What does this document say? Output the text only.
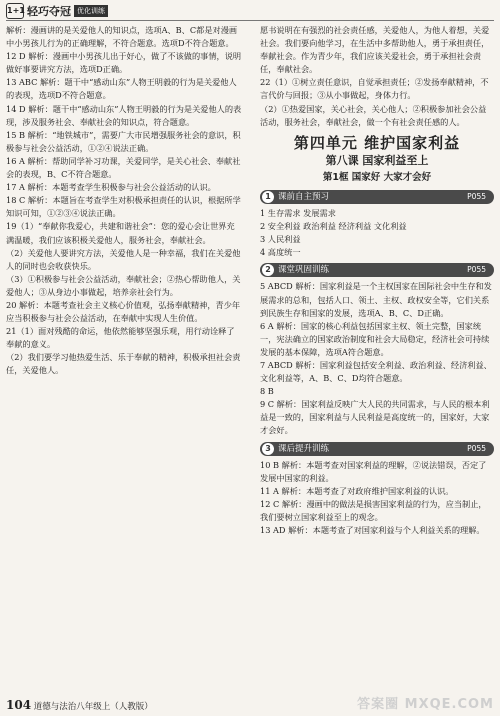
1+1 轻巧夺冠 优化训练

解析：漫画讲的是关爱他人的知识点，选项A、B、C都是对漫画中小男孩儿行为的正确理解，不符合题意。选项D不符合题意。

12 D 解析：漫画中小男孩儿出于好心，做了不该做的事情，说明做好事要讲究方法，选项D正确。

13 ABC 解析：题干中“感动山东”人物王明毅的行为是关爱他人的表现，选项D不符合题意。

14 D 解析：题干中“感动山东”人物王明毅的行为是关爱他人的表现，涉及服务社会、奉献社会的知识点，符合题意。

15 B 解析：“地铁城市”，需要广大市民增强服务社会的意识，积极参与社会公益活动，①②④说法正确。

16 A 解析：帮助同学补习功课，关爱同学，是关心社会、奉献社会的表现，B、C不符合题意。

17 A 解析：本题考查学生积极参与社会公益活动的认识。

18 C 解析：本题旨在考查学生对积极承担责任的认识，根据所学知识可知，①②③④说法正确。

19（1）“奉献你我爱心，共建和谐社会”：您的爱心会让世界充满温暖，我们应该积极关爱他人，服务社会，奉献社会。

（2）关爱他人要讲究方法，关爱他人是一种幸福，我们在关爱他人的同时也会收获快乐。

（3）①积极参与社会公益活动，奉献社会；②热心帮助他人，关爱他人；③从身边小事做起，培养亲社会行为。

20 解析：本题考查社会主义核心价值观，弘扬奉献精神，青少年应当积极参与社会公益活动，在奉献中实现人生价值。

21（1）面对残酷的命运，他依然能够坚强乐观，用行动诠释了奉献的意义。

（2）我们要学习他热爱生活、乐于奉献的精神，积极承担社会责任，关爱他人。

愿书说明在有强烈的社会责任感，关爱他人，为他人着想，关爱社会。我们要向他学习，在生活中多帮助他人，勇于承担责任，奉献社会。作为青少年，我们应该关爱社会，勇于承担社会责任，奉献社会。

22（1）①树立责任意识，自觉承担责任；②发扬奉献精神，不言代价与回报；③从小事做起，身体力行。

（2）①热爱国家，关心社会，关心他人；②积极参加社会公益活动，服务社会，奉献社会，做一个有社会责任感的人。

第四单元 维护国家利益
第八课 国家利益至上
第1框 国家好 大家才会好
1 课前自主预习	P055

1 生存需求 发展需求

2 安全利益 政治利益 经济利益 文化利益

3 人民利益

4 高度统一

2 课堂巩固训练	P055

5 ABCD 解析：国家利益是一个主权国家在国际社会中生存和发展需求的总和，包括人口、领土、主权、政权安全等，它们关系到民族生存和国家的发展，选项A、B、C、D正确。

6 A 解析：国家的核心利益包括国家主权、领土完整，国家统一，宪法确立的国家政治制度和社会大局稳定，经济社会可持续发展的基本保障，选项A符合题意。

7 ABCD 解析：国家利益包括安全利益、政治利益、经济利益、文化利益等，A、B、C、D均符合题意。

8 B

9 C 解析：国家利益反映广大人民的共同需求，与人民的根本利益是一致的，国家利益与人民利益是高度统一的，国家好，大家才会好。

3 课后提升训练	P055

10 B 解析：本题考查对国家利益的理解，②说法错误，否定了发展中国家的利益。

11 A 解析：本题考查了对政府维护国家利益的认识。

12 C 解析：漫画中的做法是损害国家利益的行为，应当制止，我们要树立国家利益至上的观念。

13 AD 解析：本题考查了对国家利益与个人利益关系的理解。

104 道德与法治八年级上（人教版）	答案圈 MXQE.COM
